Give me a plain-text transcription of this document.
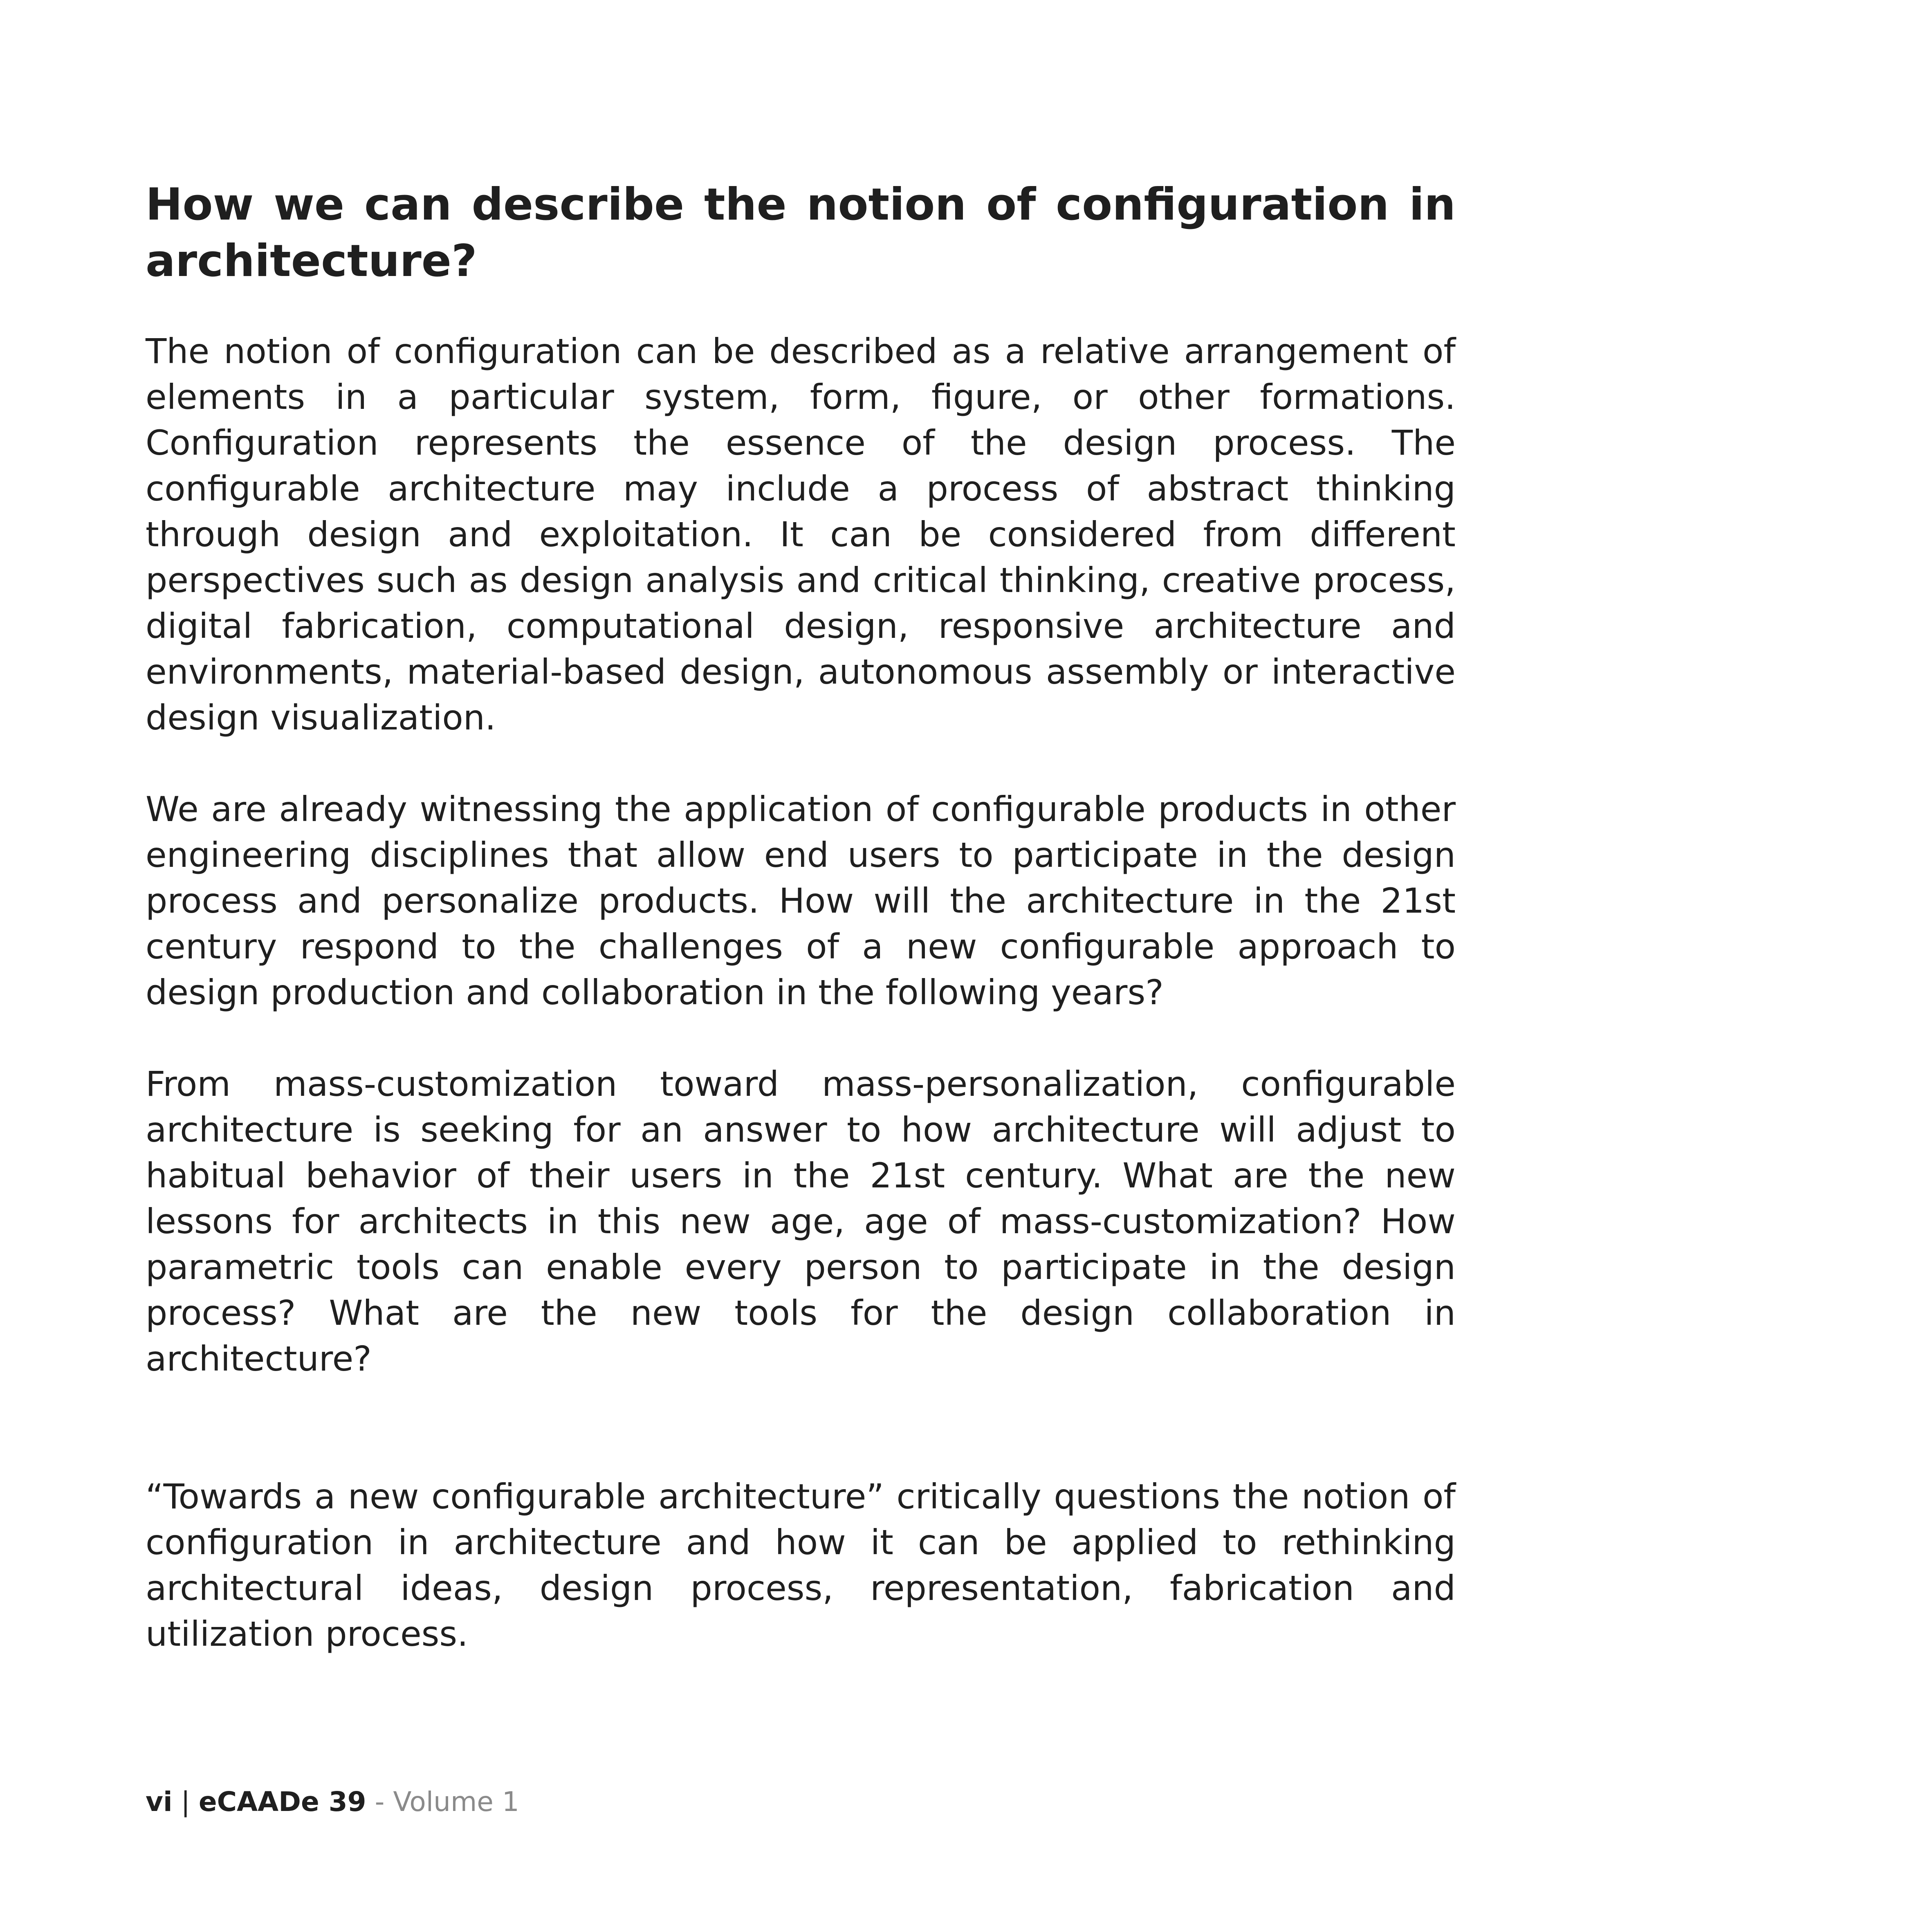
How we can describe the notion of configuration in architecture?

The notion of configuration can be described as a relative arrangement of elements in a particular system, form, figure, or other formations. Configuration represents the essence of the design process. The configurable architecture may include a process of abstract thinking through design and exploitation. It can be considered from different perspectives such as design analysis and critical thinking, creative process, digital fabrication, computational design, responsive architecture and environments, material-based design, autonomous assembly or interactive design visualization.

We are already witnessing the application of configurable products in other engineering disciplines that allow end users to participate in the design process and personalize products. How will the architecture in the 21st century respond to the challenges of a new configurable approach to design production and collaboration in the following years?

From mass-customization toward mass-personalization, configurable architecture is seeking for an answer to how architecture will adjust to habitual behavior of their users in the 21st century. What are the new lessons for architects in this new age, age of mass-customization? How parametric tools can enable every person to participate in the design process? What are the new tools for the design collaboration in architecture?

“Towards a new configurable architecture” critically questions the notion of configuration in architecture and how it can be applied to rethinking architectural ideas, design process, representation, fabrication and utilization process.

vi | eCAADe 39 - Volume 1
